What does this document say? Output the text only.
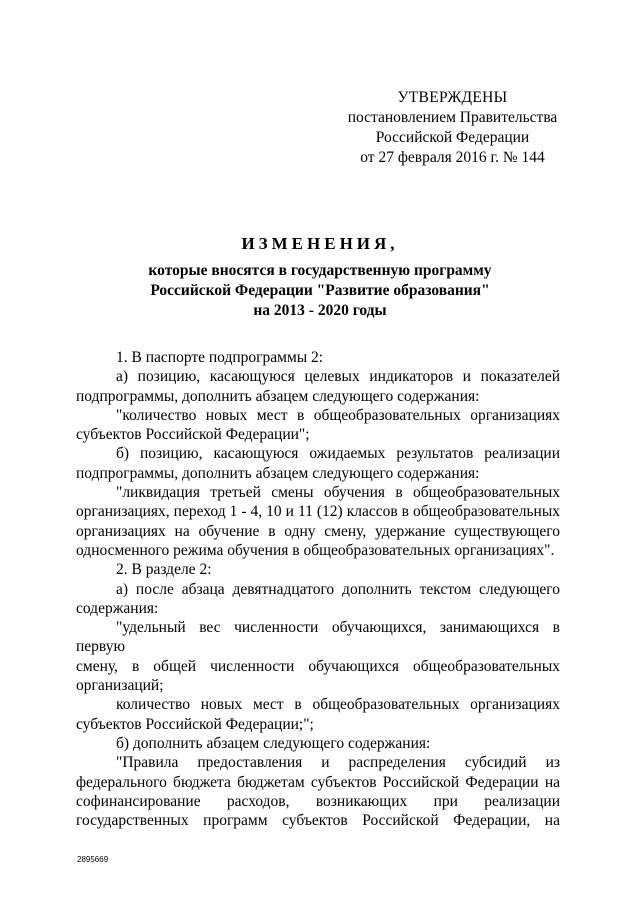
УТВЕРЖДЕНЫ
постановлением Правительства
Российской Федерации
от 27 февраля 2016 г. № 144
ИЗМЕНЕНИЯ,
которые вносятся в государственную программу
Российской Федерации "Развитие образования"
на 2013 - 2020 годы
1. В паспорте подпрограммы 2:
а) позицию, касающуюся целевых индикаторов и показателей
подпрограммы, дополнить абзацем следующего содержания:
"количество новых мест в общеобразовательных организациях
субъектов Российской Федерации";
б) позицию, касающуюся ожидаемых результатов реализации
подпрограммы, дополнить абзацем следующего содержания:
"ликвидация третьей смены обучения в общеобразовательных
организациях, переход 1 - 4, 10 и 11 (12) классов в общеобразовательных
организациях на обучение в одну смену, удержание существующего
односменного режима обучения в общеобразовательных организациях".
2. В разделе 2:
а) после абзаца девятнадцатого дополнить текстом следующего
содержания:
"удельный вес численности обучающихся, занимающихся в первую
смену, в общей численности обучающихся общеобразовательных
организаций;
количество новых мест в общеобразовательных организациях
субъектов Российской Федерации;";
б) дополнить абзацем следующего содержания:
"Правила предоставления и распределения субсидий из
федерального бюджета бюджетам субъектов Российской Федерации на
софинансирование расходов, возникающих при реализации
государственных программ субъектов Российской Федерации, на
2895669
